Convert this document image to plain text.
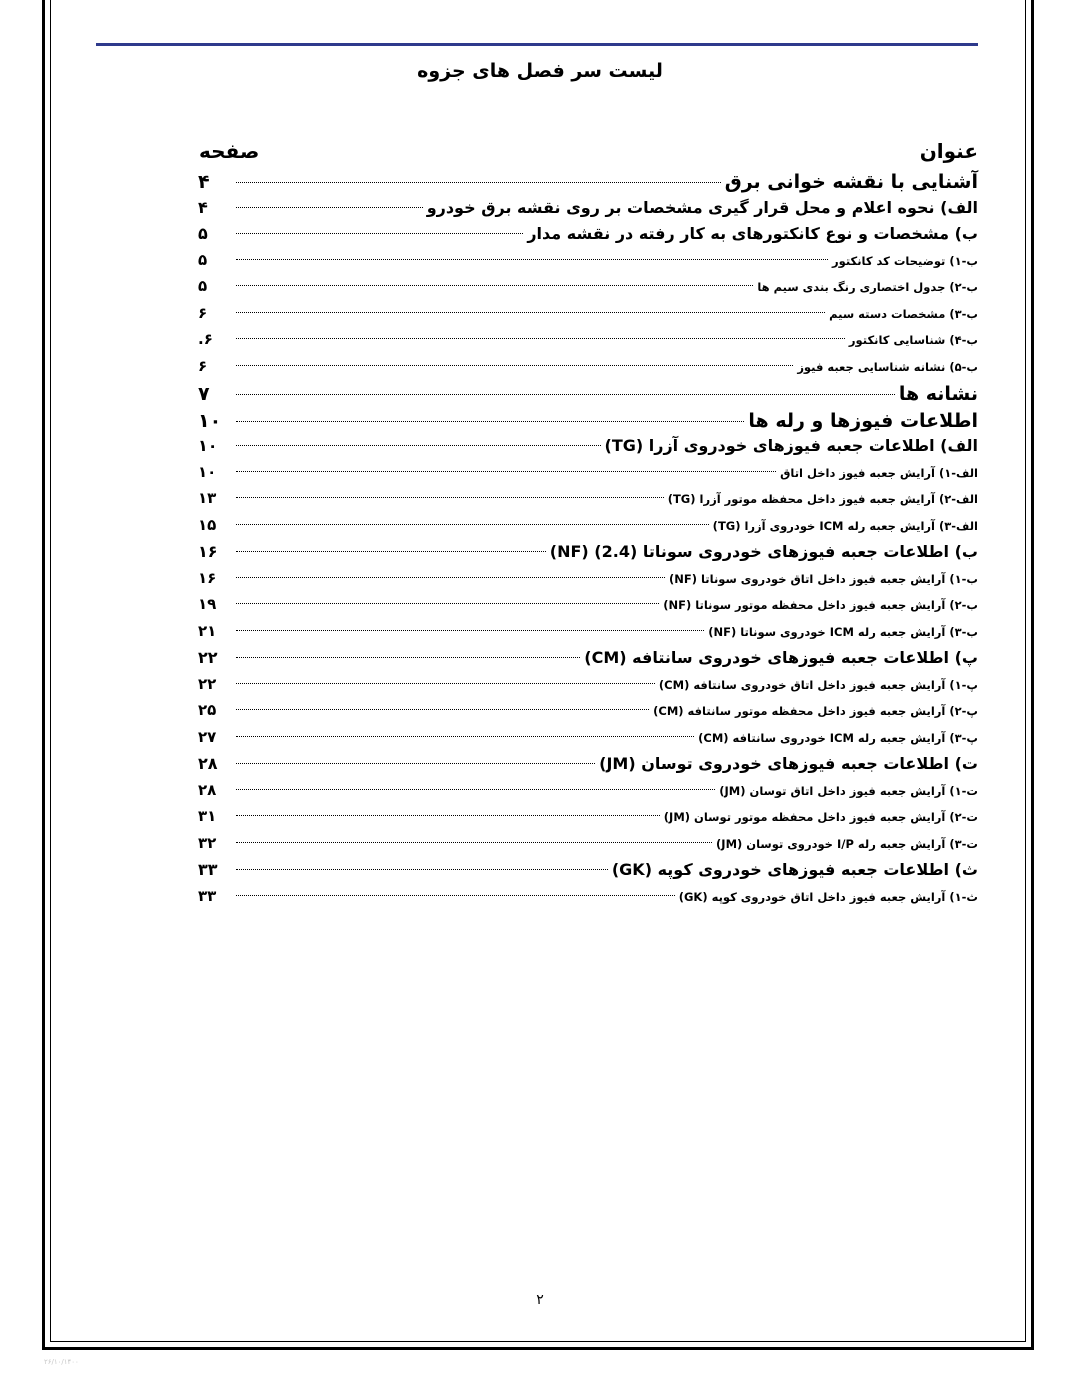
لیست سر فصل های جزوه
عنوان
صفحه
آشنایی با نقشه خوانی برق
۴
الف) نحوه اعلام و محل قرار گیری مشخصات بر روی نقشه برق خودرو
۴
ب) مشخصات و نوع کانکتورهای به کار رفته در نقشه مدار
۵
ب-۱) توضیحات کد کانکتور
۵
ب-۲) جدول اختصاری رنگ بندی سیم ها
۵
ب-۳) مشخصات دسته سیم
۶
ب-۴) شناسایی کانکتور
۶.
ب-۵) نشانه شناسایی جعبه فیوز
۶
نشانه ها
۷
اطلاعات فیوزها و رله ها
۱۰
الف) اطلاعات جعبه فیوزهای خودروی آزرا (TG)
۱۰
الف-۱) آرایش جعبه فیوز داخل اتاق
۱۰
الف-۲) آرایش جعبه فیوز داخل محفظه موتور آزرا (TG)
۱۳
الف-۳) آرایش جعبه رله ICM خودروی آزرا (TG)
۱۵
ب) اطلاعات جعبه فیوزهای خودروی سوناتا (2.4) (NF)
۱۶
ب-۱) آرایش جعبه فیوز داخل اتاق خودروی سوناتا (NF)
۱۶
ب-۲) آرایش جعبه فیوز داخل محفظه موتور سوناتا (NF)
۱۹
ب-۳) آرایش جعبه رله ICM خودروی سوناتا (NF)
۲۱
پ) اطلاعات جعبه فیوزهای خودروی سانتافه (CM)
۲۲
پ-۱) آرایش جعبه فیوز داخل اتاق خودروی سانتافه (CM)
۲۲
پ-۲) آرایش جعبه فیوز داخل محفظه موتور سانتافه (CM)
۲۵
پ-۳) آرایش جعبه رله ICM خودروی سانتافه (CM)
۲۷
ت) اطلاعات جعبه فیوزهای خودروی توسان (JM)
۲۸
ت-۱) آرایش جعبه فیوز داخل اتاق توسان (JM)
۲۸
ت-۲) آرایش جعبه فیوز داخل محفظه موتور توسان (JM)
۳۱
ت-۳) آرایش جعبه رله I/P خودروی توسان (JM)
۳۲
ث) اطلاعات جعبه فیوزهای خودروی کوپه (GK)
۳۳
ث-۱) آرایش جعبه فیوز داخل اتاق خودروی کوپه (GK)
۳۳
۲
۲۶/۱۰/۱۴۰۰
